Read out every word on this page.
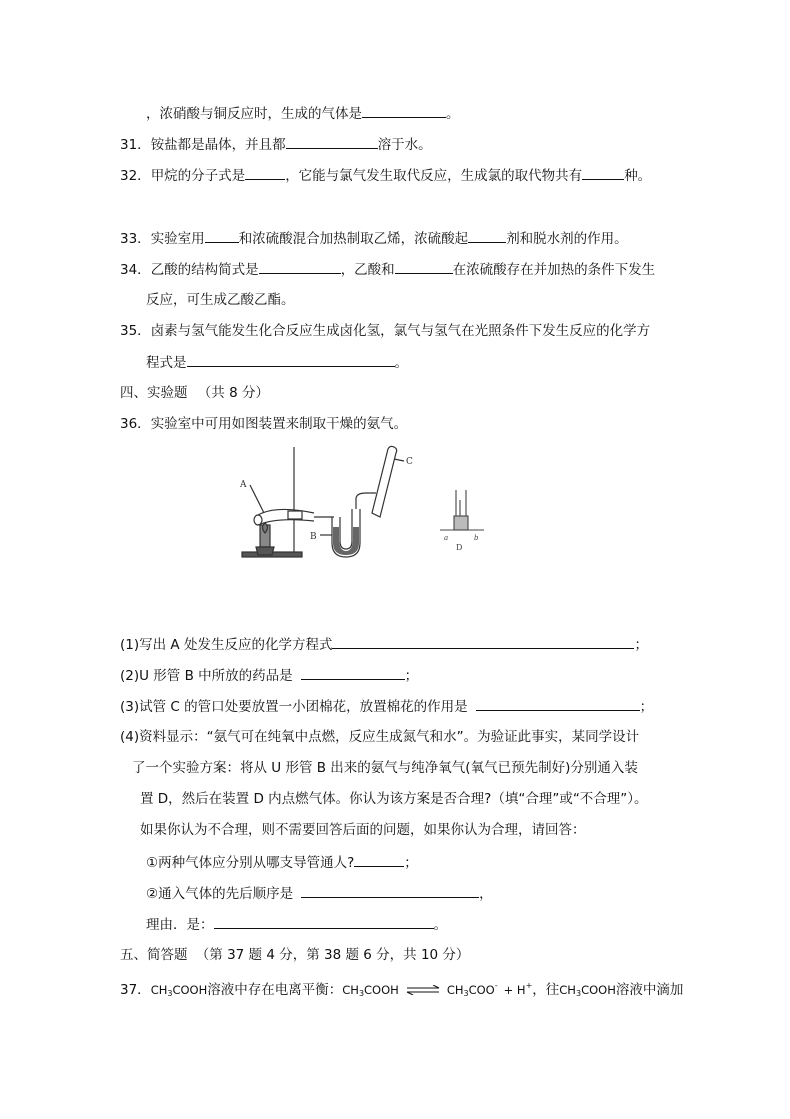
，浓硝酸与铜反应时，生成的气体是	。
31．铵盐都是晶体，并且都	溶于水。
32．甲烷的分子式是	，它能与氯气发生取代反应，生成氯的取代物共有	种。
33．实验室用	和浓硫酸混合加热制取乙烯，浓硫酸起	剂和脱水剂的作用。
34．乙酸的结构简式是	，乙酸和	在浓硫酸存在并加热的条件下发生
反应，可生成乙酸乙酯。
35．卤素与氢气能发生化合反应生成卤化氢，氯气与氢气在光照条件下发生反应的化学方
程式是	。
四、实验题 （共 8 分）
36．实验室中可用如图装置来制取干燥的氨气。
A
B
C
a	b
D
(1)写出 A 处发生反应的化学方程式	；
(2)U 形管 B 中所放的药品是	；
(3)试管 C 的管口处要放置一小团棉花，放置棉花的作用是	；
(4)资料显示：“氨气可在纯氧中点燃，反应生成氮气和水”。为验证此事实，某同学设计
了一个实验方案：将从 U 形管 B 出来的氨气与纯净氧气(氧气已预先制好)分别通入装
置 D，然后在装置 D 内点燃气体。你认为该方案是否合理?（填“合理”或“不合理”）。
如果你认为不合理，则不需要回答后面的问题，如果你认为合理，请回答：
①两种气体应分别从哪支导管通人?	；
②通入气体的先后顺序是	，
理由．是：	。
五、简答题 （第 37 题 4 分，第 38 题 6 分，共 10 分）
37．$CH_3COOH$溶液中存在电离平衡：$CH_3COOH$ ⇌ $CH_3COO^- + H^+$，往$CH_3COOH$溶液中滴加
